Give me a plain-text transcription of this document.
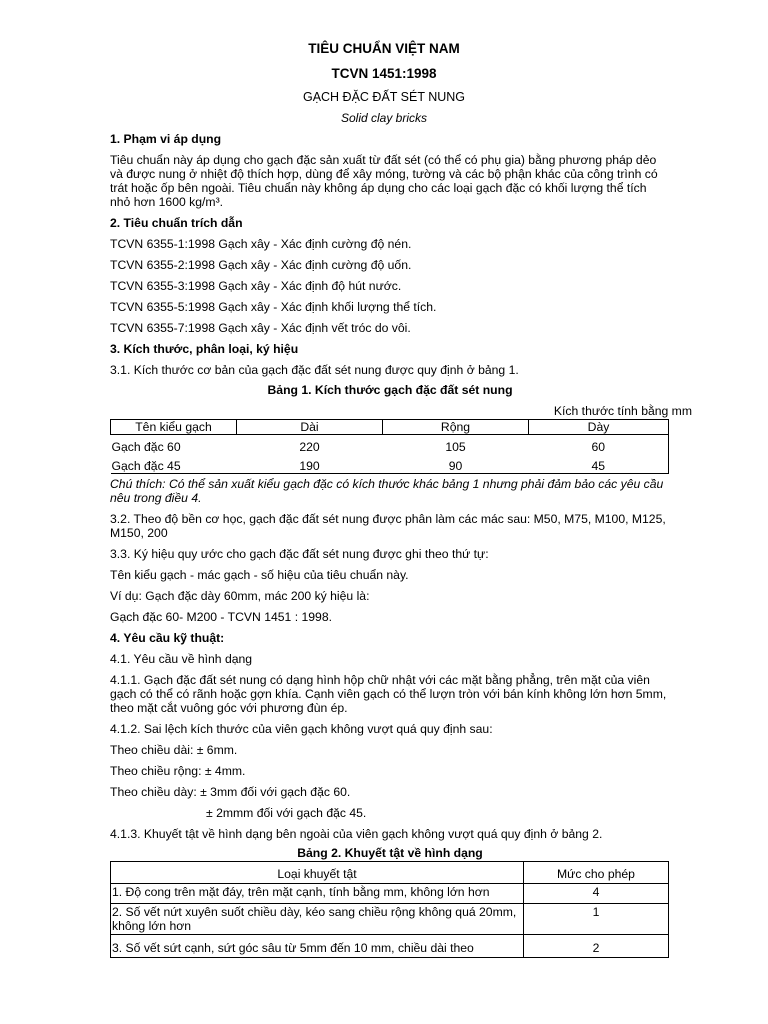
TIÊU CHUẨN VIỆT NAM
TCVN 1451:1998
GẠCH ĐẶC ĐẤT SÉT NUNG
Solid clay bricks

1. Phạm vi áp dụng

Tiêu chuẩn này áp dụng cho gạch đặc sản xuất từ đất sét (có thể có phụ gia) bằng phương pháp dẻo và được nung ở nhiệt độ thích hợp, dùng để xây móng, tường và các bộ phận khác của công trình có trát hoặc ốp bên ngoài. Tiêu chuẩn này không áp dụng cho các loại gạch đặc có khối lượng thể tích nhỏ hơn 1600 kg/m³.

2. Tiêu chuẩn trích dẫn

TCVN 6355-1:1998 Gạch xây - Xác định cường độ nén.

TCVN 6355-2:1998 Gạch xây - Xác định cường độ uốn.

TCVN 6355-3:1998 Gạch xây - Xác định độ hút nước.

TCVN 6355-5:1998 Gạch xây - Xác định khối lượng thể tích.

TCVN 6355-7:1998 Gạch xây - Xác định vết tróc do vôi.

3. Kích thước, phân loại, ký hiệu

3.1. Kích thước cơ bản của gạch đặc đất sét nung được quy định ở bảng 1.

Bảng 1. Kích thước gạch đặc đất sét nung

Kích thước tính bằng mm

Tên kiểu gạch	Dài	Rộng	Dày
Gạch đặc 60	220	105	60
Gạch đặc 45	190	90	45

Chú thích: Có thể sản xuất kiểu gạch đặc có kích thước khác bảng 1 nhưng phải đảm bảo các yêu cầu nêu trong điều 4.

3.2. Theo độ bền cơ học, gạch đặc đất sét nung được phân làm các mác sau: M50, M75, M100, M125, M150, 200

3.3. Ký hiệu quy ước cho gạch đặc đất sét nung được ghi theo thứ tự:

Tên kiểu gạch - mác gạch - số hiệu của tiêu chuẩn này.

Ví dụ: Gạch đặc dày 60mm, mác 200 ký hiệu là:

Gạch đặc 60- M200 - TCVN 1451 : 1998.

4. Yêu cầu kỹ thuật:

4.1. Yêu cầu về hình dạng

4.1.1. Gạch đặc đất sét nung có dạng hình hộp chữ nhật với các mặt bằng phẳng, trên mặt của viên gạch có thể có rãnh hoặc gợn khía. Cạnh viên gạch có thể lượn tròn với bán kính không lớn hơn 5mm, theo mặt cắt vuông góc với phương đùn ép.

4.1.2. Sai lệch kích thước của viên gạch không vượt quá quy định sau:

Theo chiều dài: ± 6mm.

Theo chiều rộng: ± 4mm.

Theo chiều dày: ± 3mm đối với gạch đặc 60.

± 2mmm đối với gạch đặc 45.

4.1.3. Khuyết tật về hình dạng bên ngoài của viên gạch không vượt quá quy định ở bảng 2.

Bảng 2. Khuyết tật về hình dạng

Loại khuyết tật	Mức cho phép
1. Độ cong trên mặt đáy, trên mặt cạnh, tính bằng mm, không lớn hơn	4
2. Số vết nứt xuyên suốt chiều dày, kéo sang chiều rộng không quá 20mm, không lớn hơn	1
3. Số vết sứt cạnh, sứt góc sâu từ 5mm đến 10 mm, chiều dài theo	2
